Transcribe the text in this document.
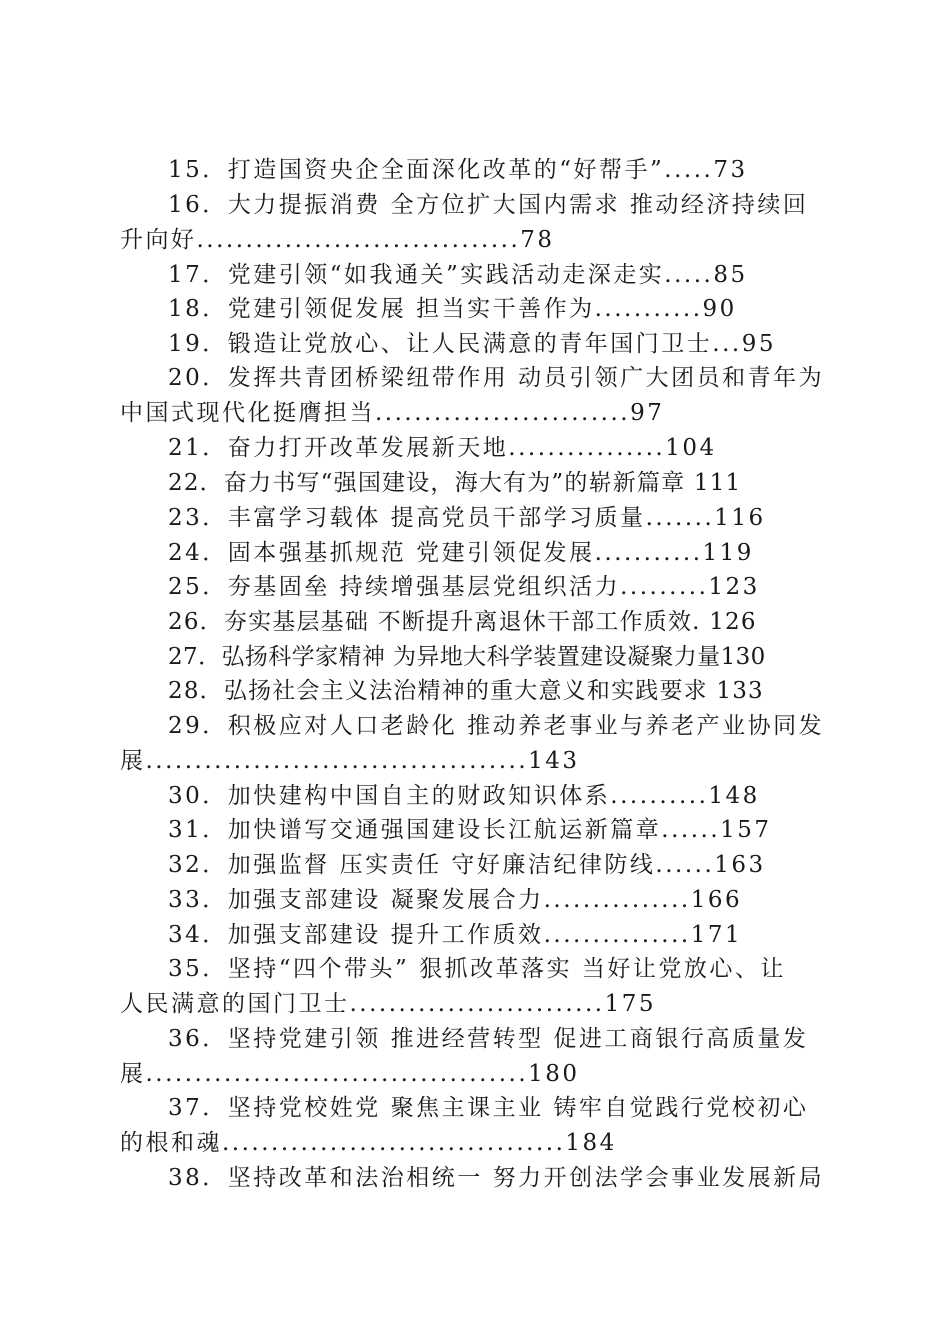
15．打造国资央企全面深化改革的“好帮手”.....73
16．大力提振消费 全方位扩大国内需求 推动经济持续回
升向好.................................78
17．党建引领“如我通关”实践活动走深走实.....85
18．党建引领促发展 担当实干善作为...........90
19．锻造让党放心、让人民满意的青年国门卫士...95
20．发挥共青团桥梁纽带作用 动员引领广大团员和青年为
中国式现代化挺膺担当..........................97
21．奋力打开改革发展新天地................104
22．奋力书写“强国建设，海大有为”的崭新篇章 111
23．丰富学习载体 提高党员干部学习质量.......116
24．固本强基抓规范 党建引领促发展...........119
25．夯基固垒 持续增强基层党组织活力.........123
26．夯实基层基础 不断提升离退休干部工作质效. 126
27．弘扬科学家精神 为异地大科学装置建设凝聚力量130
28．弘扬社会主义法治精神的重大意义和实践要求 133
29．积极应对人口老龄化 推动养老事业与养老产业协同发
展.......................................143
30．加快建构中国自主的财政知识体系..........148
31．加快谱写交通强国建设长江航运新篇章......157
32．加强监督 压实责任 守好廉洁纪律防线......163
33．加强支部建设 凝聚发展合力...............166
34．加强支部建设 提升工作质效...............171
35．坚持“四个带头” 狠抓改革落实 当好让党放心、让
人民满意的国门卫士..........................175
36．坚持党建引领 推进经营转型 促进工商银行高质量发
展.......................................180
37．坚持党校姓党 聚焦主课主业 铸牢自觉践行党校初心
的根和魂...................................184
38．坚持改革和法治相统一 努力开创法学会事业发展新局
